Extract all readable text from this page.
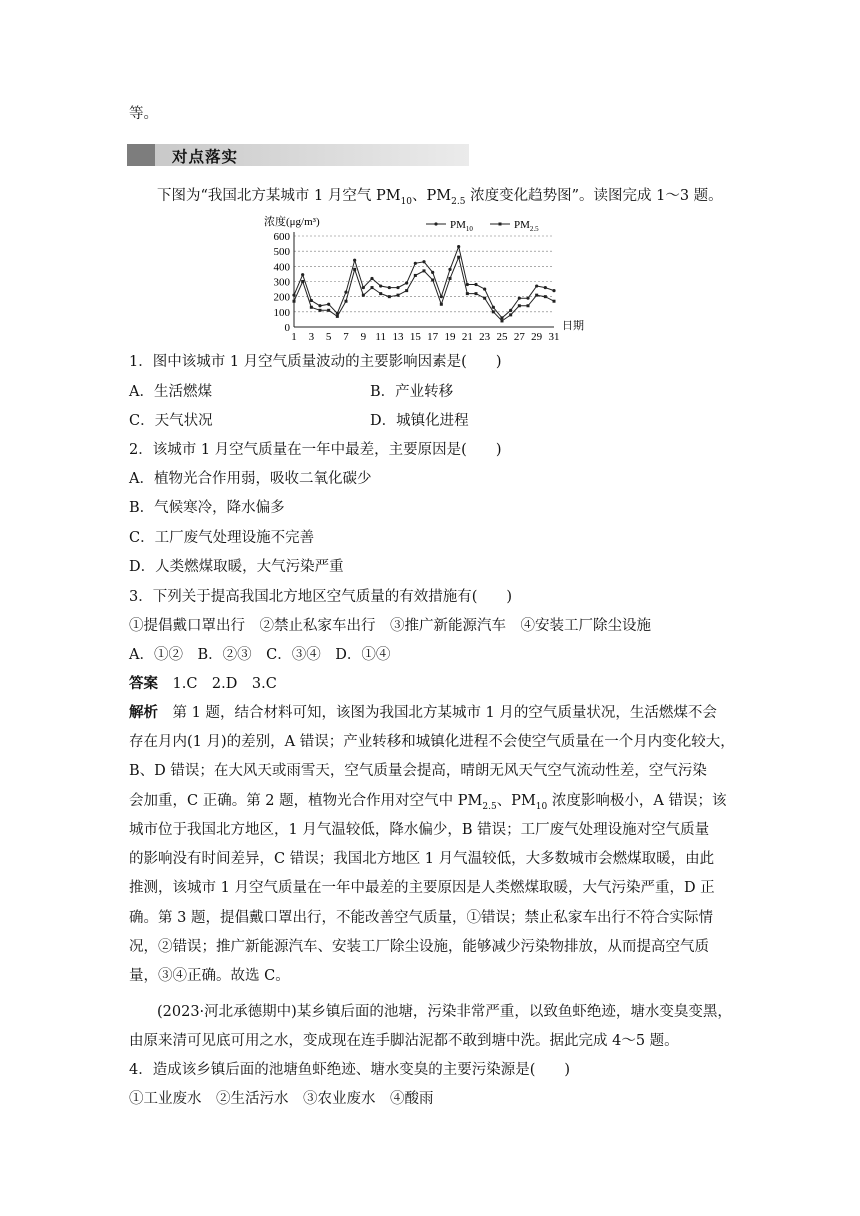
等。
对点落实
下图为“我国北方某城市 1 月空气 $PM_{10}$、$PM_{2.5}$ 浓度变化趋势图”。读图完成 1～3 题。
0
100
200
300
400
500
600
1 3 5 7 9 11 13 15 17 19 21 23 25 27 29 31
浓度(μg/m³)
日期
$PM_{10}$	$PM_{2.5}$
1．图中该城市 1 月空气质量波动的主要影响因素是(　　)
A．生活燃煤	B．产业转移
C．天气状况	D．城镇化进程
2．该城市 1 月空气质量在一年中最差，主要原因是(　　)
A．植物光合作用弱，吸收二氧化碳少
B．气候寒冷，降水偏多
C．工厂废气处理设施不完善
D．人类燃煤取暖，大气污染严重
3．下列关于提高我国北方地区空气质量的有效措施有(　　)
①提倡戴口罩出行　②禁止私家车出行　③推广新能源汽车　④安装工厂除尘设施
A．①②　B．②③　C．③④　D．①④
答案　1.C　2.D　3.C
解析　第 1 题，结合材料可知，该图为我国北方某城市 1 月的空气质量状况，生活燃煤不会
存在月内(1 月)的差别，A 错误；产业转移和城镇化进程不会使空气质量在一个月内变化较大，
B、D 错误；在大风天或雨雪天，空气质量会提高，晴朗无风天气空气流动性差，空气污染
会加重，C 正确。第 2 题，植物光合作用对空气中 $PM_{2.5}$、$PM_{10}$ 浓度影响极小，A 错误；该
城市位于我国北方地区，1 月气温较低，降水偏少，B 错误；工厂废气处理设施对空气质量
的影响没有时间差异，C 错误；我国北方地区 1 月气温较低，大多数城市会燃煤取暖，由此
推测，该城市 1 月空气质量在一年中最差的主要原因是人类燃煤取暖，大气污染严重，D 正
确。第 3 题，提倡戴口罩出行，不能改善空气质量，①错误；禁止私家车出行不符合实际情
况，②错误；推广新能源汽车、安装工厂除尘设施，能够减少污染物排放，从而提高空气质
量，③④正确。故选 C。
(2023·河北承德期中)某乡镇后面的池塘，污染非常严重，以致鱼虾绝迹，塘水变臭变黑，
由原来清可见底可用之水，变成现在连手脚沾泥都不敢到塘中洗。据此完成 4～5 题。
4．造成该乡镇后面的池塘鱼虾绝迹、塘水变臭的主要污染源是(　　)
①工业废水　②生活污水　③农业废水　④酸雨
